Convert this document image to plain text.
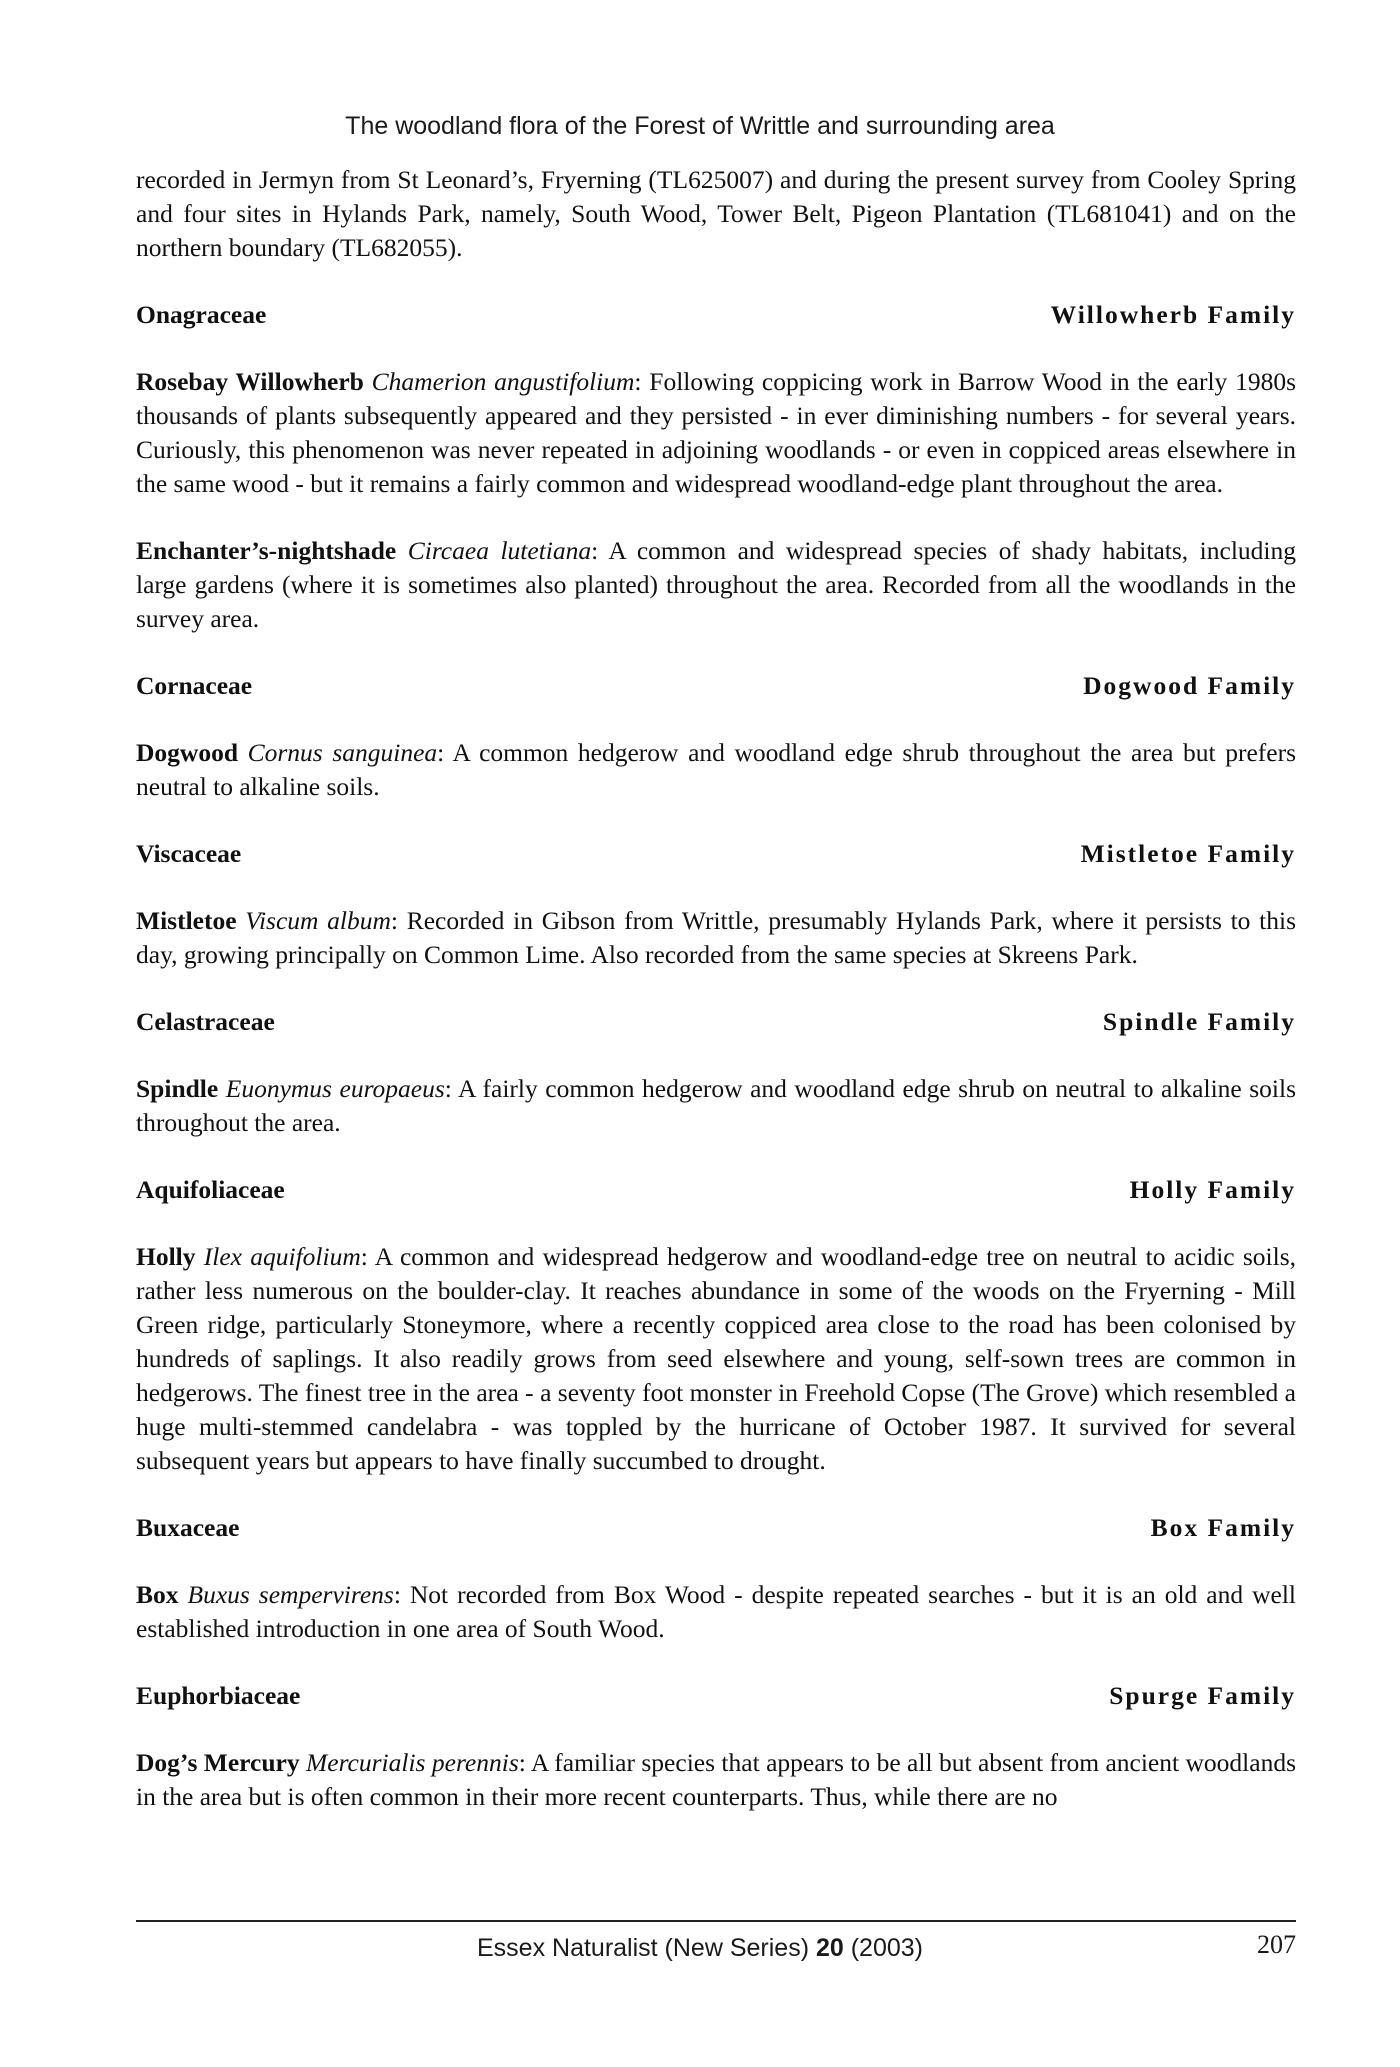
The woodland flora of the Forest of Writtle and surrounding area

recorded in Jermyn from St Leonard’s, Fryerning (TL625007) and during the present survey from Cooley Spring and four sites in Hylands Park, namely, South Wood, Tower Belt, Pigeon Plantation (TL681041) and on the northern boundary (TL682055).

Onagraceae	Willowherb Family

Rosebay Willowherb Chamerion angustifolium: Following coppicing work in Barrow Wood in the early 1980s thousands of plants subsequently appeared and they persisted - in ever diminishing numbers - for several years. Curiously, this phenomenon was never repeated in adjoining woodlands - or even in coppiced areas elsewhere in the same wood - but it remains a fairly common and widespread woodland-edge plant throughout the area.

Enchanter’s-nightshade Circaea lutetiana: A common and widespread species of shady habitats, including large gardens (where it is sometimes also planted) throughout the area. Recorded from all the woodlands in the survey area.

Cornaceae	Dogwood Family

Dogwood Cornus sanguinea: A common hedgerow and woodland edge shrub throughout the area but prefers neutral to alkaline soils.

Viscaceae	Mistletoe Family

Mistletoe Viscum album: Recorded in Gibson from Writtle, presumably Hylands Park, where it persists to this day, growing principally on Common Lime. Also recorded from the same species at Skreens Park.

Celastraceae	Spindle Family

Spindle Euonymus europaeus: A fairly common hedgerow and woodland edge shrub on neutral to alkaline soils throughout the area.

Aquifoliaceae	Holly Family

Holly Ilex aquifolium: A common and widespread hedgerow and woodland-edge tree on neutral to acidic soils, rather less numerous on the boulder-clay. It reaches abundance in some of the woods on the Fryerning - Mill Green ridge, particularly Stoneymore, where a recently coppiced area close to the road has been colonised by hundreds of saplings. It also readily grows from seed elsewhere and young, self-sown trees are common in hedgerows. The finest tree in the area - a seventy foot monster in Freehold Copse (The Grove) which resembled a huge multi-stemmed candelabra - was toppled by the hurricane of October 1987. It survived for several subsequent years but appears to have finally succumbed to drought.

Buxaceae	Box Family

Box Buxus sempervirens: Not recorded from Box Wood - despite repeated searches - but it is an old and well established introduction in one area of South Wood.

Euphorbiaceae	Spurge Family

Dog’s Mercury Mercurialis perennis: A familiar species that appears to be all but absent from ancient woodlands in the area but is often common in their more recent counterparts. Thus, while there are no

Essex Naturalist (New Series) 20 (2003)	207
